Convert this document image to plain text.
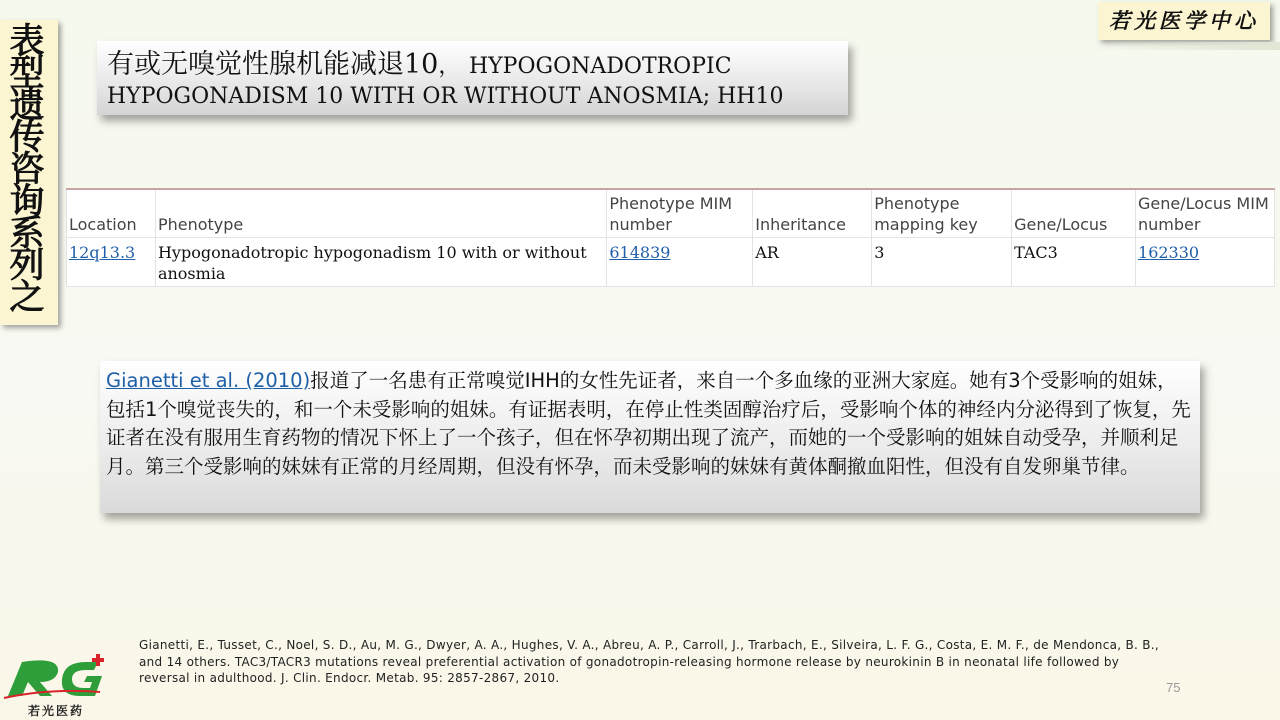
表型遗传咨询系列之
若光医学中心
有或无嗅觉性腺机能减退10， HYPOGONADOTROPIC
HYPOGONADISM 10 WITH OR WITHOUT ANOSMIA; HH10
Location	Phenotype	Phenotype MIM number	Inheritance	Phenotype mapping key	Gene/Locus	Gene/Locus MIM number
12q13.3	Hypogonadotropic hypogonadism 10 with or without anosmia	614839	AR	3	TAC3	162330
Gianetti et al. (2010)报道了一名患有正常嗅觉IHH的女性先证者，来自一个多血缘的亚洲大家庭。她有3个受影响的姐妹，包括1个嗅觉丧失的，和一个未受影响的姐妹。有证据表明，在停止性类固醇治疗后，受影响个体的神经内分泌得到了恢复，先证者在没有服用生育药物的情况下怀上了一个孩子，但在怀孕初期出现了流产，而她的一个受影响的姐妹自动受孕，并顺利足月。第三个受影响的妹妹有正常的月经周期，但没有怀孕，而未受影响的妹妹有黄体酮撤血阳性，但没有自发卵巢节律。
Gianetti, E., Tusset, C., Noel, S. D., Au, M. G., Dwyer, A. A., Hughes, V. A., Abreu, A. P., Carroll, J., Trarbach, E., Silveira, L. F. G., Costa, E. M. F., de Mendonca, B. B., and 14 others. TAC3/TACR3 mutations reveal preferential activation of gonadotropin-releasing hormone release by neurokinin B in neonatal life followed by reversal in adulthood. J. Clin. Endocr. Metab. 95: 2857-2867, 2010.
75
若光医药
